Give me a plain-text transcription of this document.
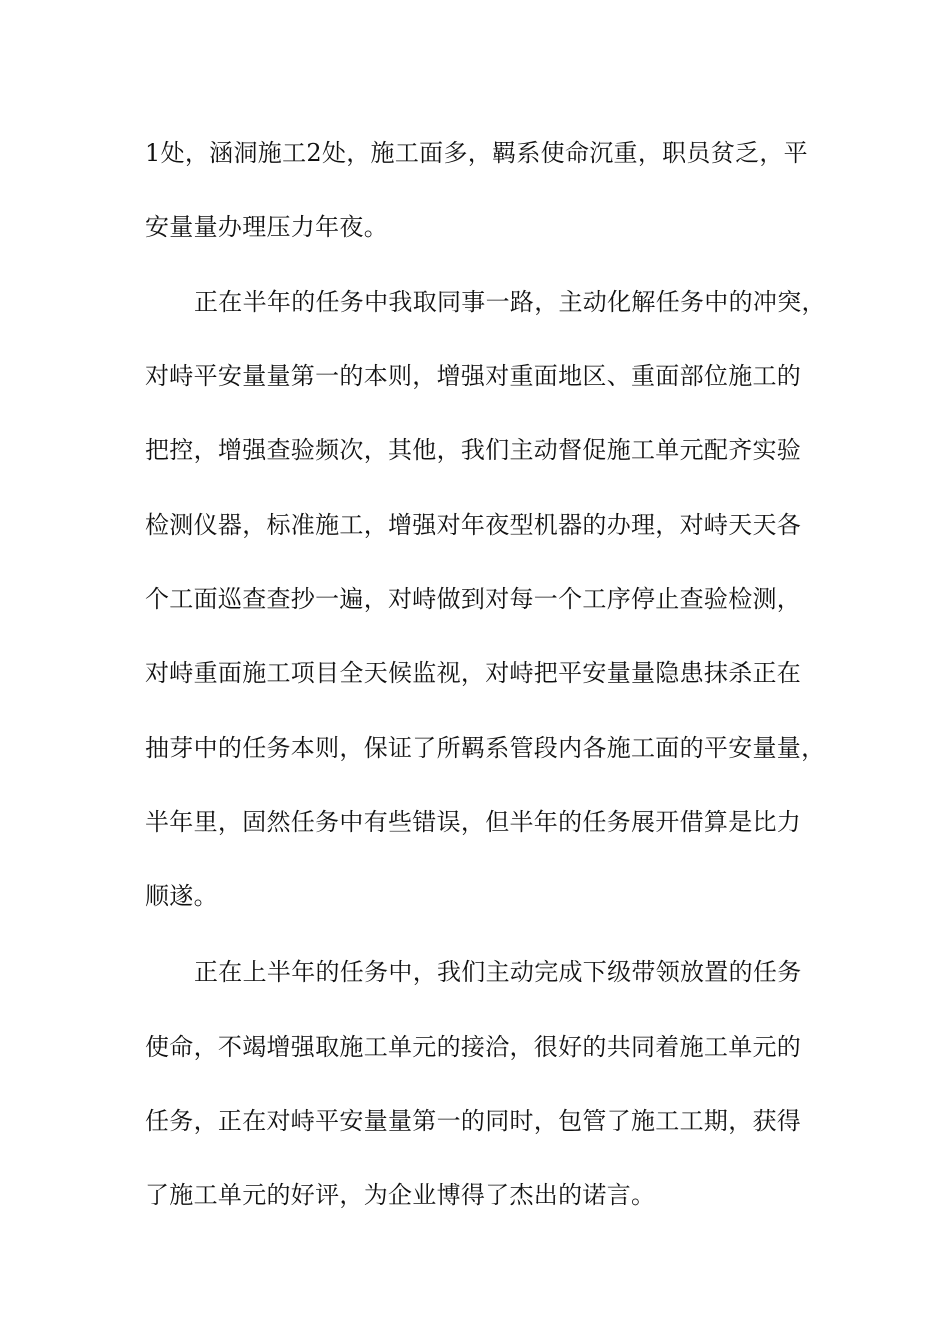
1处，涵洞施工2处，施工面多，羁系使命沉重，职员贫乏，平
安量量办理压力年夜。
正在半年的任务中我取同事一路，主动化解任务中的冲突，
对峙平安量量第一的本则，增强对重面地区、重面部位施工的
把控，增强查验频次，其他，我们主动督促施工单元配齐实验
检测仪器，标准施工，增强对年夜型机器的办理，对峙天天各
个工面巡查查抄一遍，对峙做到对每一个工序停止查验检测，
对峙重面施工项目全天候监视，对峙把平安量量隐患抹杀正在
抽芽中的任务本则，保证了所羁系管段内各施工面的平安量量，
半年里，固然任务中有些错误，但半年的任务展开借算是比力
顺遂。
正在上半年的任务中，我们主动完成下级带领放置的任务
使命，不竭增强取施工单元的接洽，很好的共同着施工单元的
任务，正在对峙平安量量第一的同时，包管了施工工期，获得
了施工单元的好评，为企业博得了杰出的诺言。
